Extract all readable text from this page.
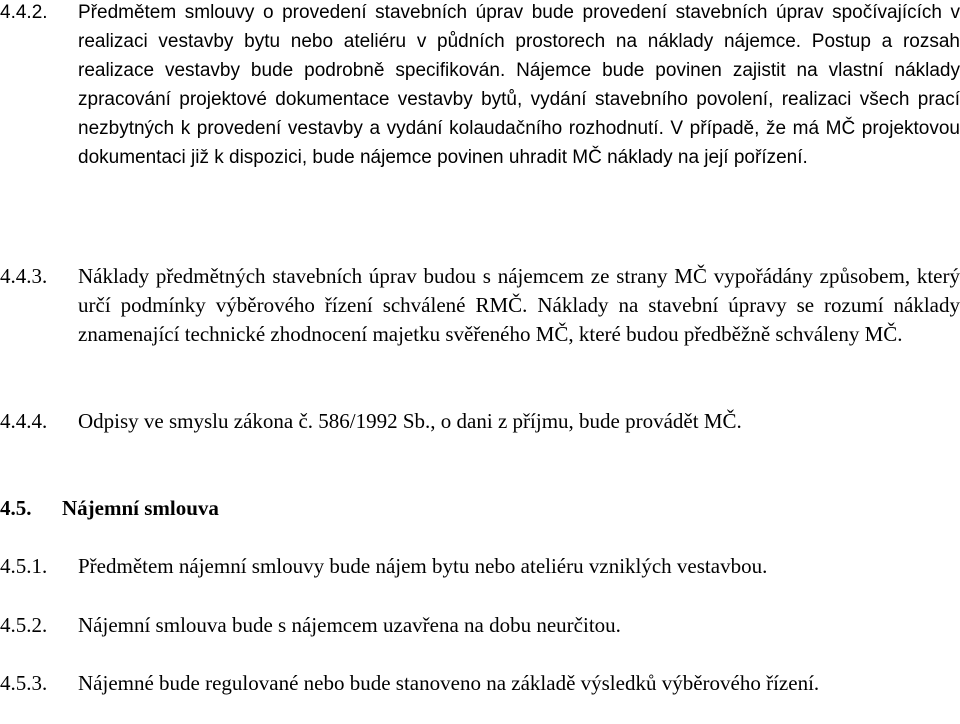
4.4.2. Předmětem smlouvy o provedení stavebních úprav bude provedení stavebních úprav spočívajících v realizaci vestavby bytu nebo ateliéru v půdních prostorech na náklady nájemce. Postup a rozsah realizace vestavby bude podrobně specifikován. Nájemce bude povinen zajistit na vlastní náklady zpracování projektové dokumentace vestavby bytů, vydání stavebního povolení, realizaci všech prací nezbytných k provedení vestavby a vydání kolaudačního rozhodnutí. V případě, že má MČ projektovou dokumentaci již k dispozici, bude nájemce povinen uhradit MČ náklady na její pořízení.
4.4.3. Náklady předmětných stavebních úprav budou s nájemcem ze strany MČ vypořádány způsobem, který určí podmínky výběrového řízení schválené RMČ. Náklady na stavební úpravy se rozumí náklady znamenající technické zhodnocení majetku svěřeného MČ, které budou předběžně schváleny MČ.
4.4.4. Odpisy ve smyslu zákona č. 586/1992 Sb., o dani z příjmu, bude provádět MČ.
4.5. Nájemní smlouva
4.5.1. Předmětem nájemní smlouvy bude nájem bytu nebo ateliéru vzniklých vestavbou.
4.5.2. Nájemní smlouva bude s nájemcem uzavřena na dobu neurčitou.
4.5.3. Nájemné bude regulované nebo bude stanoveno na základě výsledků výběrového řízení.
